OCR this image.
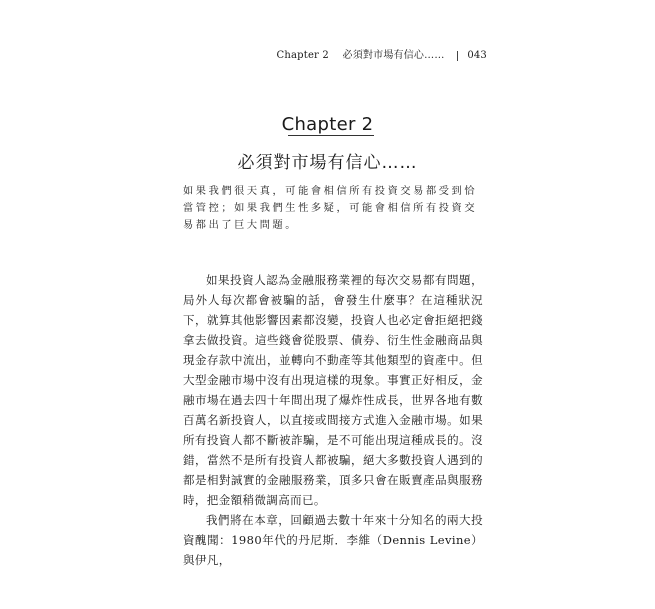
Chapter 2 必須對市場有信心…… 043
Chapter 2
必須對市場有信心……

如果我們很天真，可能會相信所有投資交易都受到恰當管控；如果我們生性多疑，可能會相信所有投資交易都出了巨大問題。

如果投資人認為金融服務業裡的每次交易都有問題，局外人每次都會被騙的話，會發生什麼事？在這種狀況下，就算其他影響因素都沒變，投資人也必定會拒絕把錢拿去做投資。這些錢會從股票、債券、衍生性金融商品與現金存款中流出，並轉向不動產等其他類型的資產中。但大型金融市場中沒有出現這樣的現象。事實正好相反，金融市場在過去四十年間出現了爆炸性成長，世界各地有數百萬名新投資人，以直接或間接方式進入金融市場。如果所有投資人都不斷被詐騙，是不可能出現這種成長的。沒錯，當然不是所有投資人都被騙，絕大多數投資人遇到的都是相對誠實的金融服務業，頂多只會在販賣產品與服務時，把金額稍微調高而已。

我們將在本章，回顧過去數十年來十分知名的兩大投資醜聞：1980年代的丹尼斯．李維（Dennis Levine）與伊凡，
